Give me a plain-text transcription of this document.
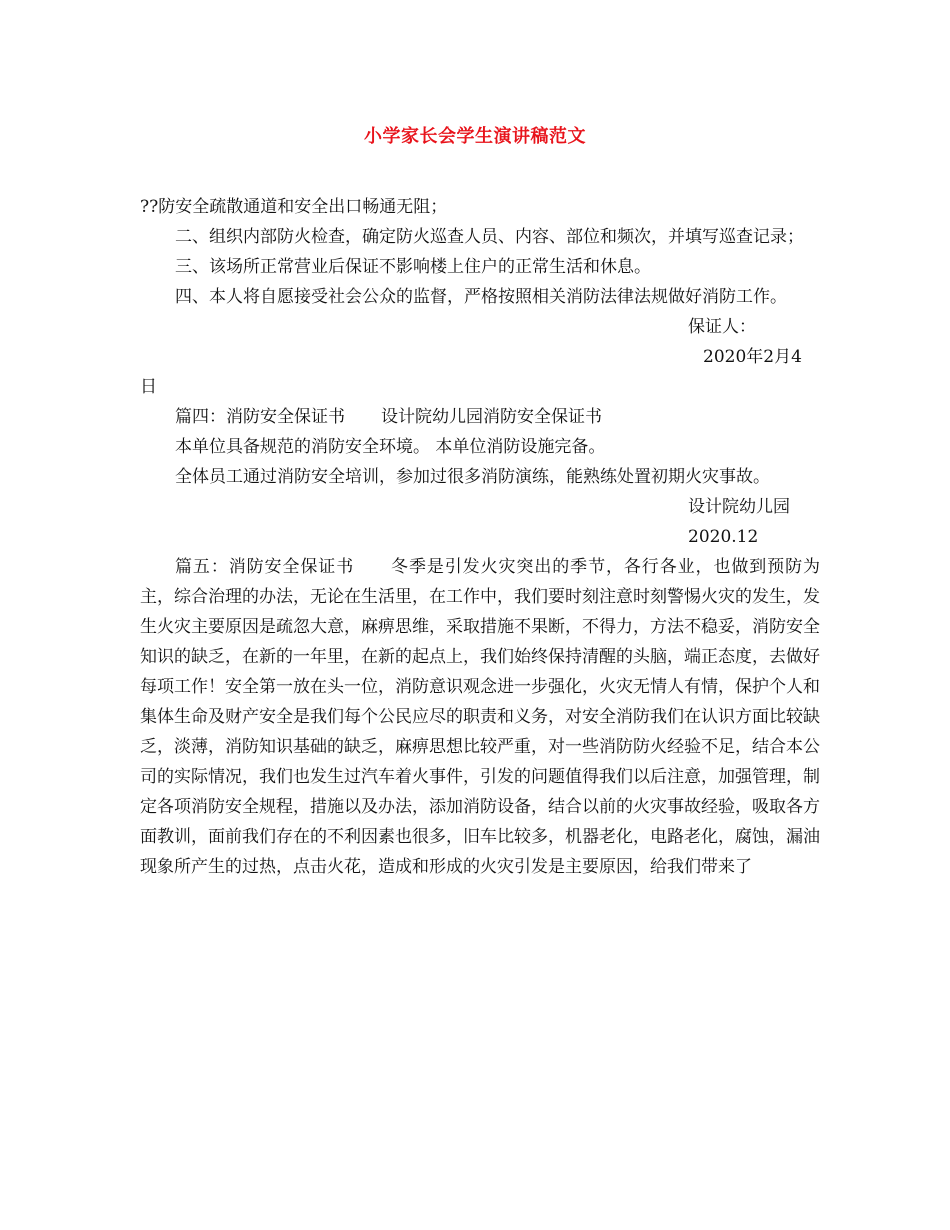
小学家长会学生演讲稿范文

??防安全疏散通道和安全出口畅通无阻；

二、组织内部防火检查，确定防火巡查人员、内容、部位和频次，并填写巡查记录；

三、该场所正常营业后保证不影响楼上住户的正常生活和休息。

四、本人将自愿接受社会公众的监督，严格按照相关消防法律法规做好消防工作。

保证人：

2020年2月4

日

篇四：消防安全保证书 设计院幼儿园消防安全保证书

本单位具备规范的消防安全环境。 本单位消防设施完备。

全体员工通过消防安全培训，参加过很多消防演练，能熟练处置初期火灾事故。

设计院幼儿园

2020.12

篇五：消防安全保证书 冬季是引发火灾突出的季节，各行各业，也做到预防为主，综合治理的办法，无论在生活里，在工作中，我们要时刻注意时刻警惕火灾的发生，发生火灾主要原因是疏忽大意，麻痹思维，采取措施不果断，不得力，方法不稳妥，消防安全知识的缺乏，在新的一年里，在新的起点上，我们始终保持清醒的头脑，端正态度，去做好每项工作！安全第一放在头一位，消防意识观念进一步强化，火灾无情人有情，保护个人和集体生命及财产安全是我们每个公民应尽的职责和义务，对安全消防我们在认识方面比较缺乏，淡薄，消防知识基础的缺乏，麻痹思想比较严重，对一些消防防火经验不足，结合本公司的实际情况，我们也发生过汽车着火事件，引发的问题值得我们以后注意，加强管理，制定各项消防安全规程，措施以及办法，添加消防设备，结合以前的火灾事故经验，吸取各方面教训，面前我们存在的不利因素也很多，旧车比较多，机器老化，电路老化，腐蚀，漏油现象所产生的过热，点击火花，造成和形成的火灾引发是主要原因，给我们带来了
